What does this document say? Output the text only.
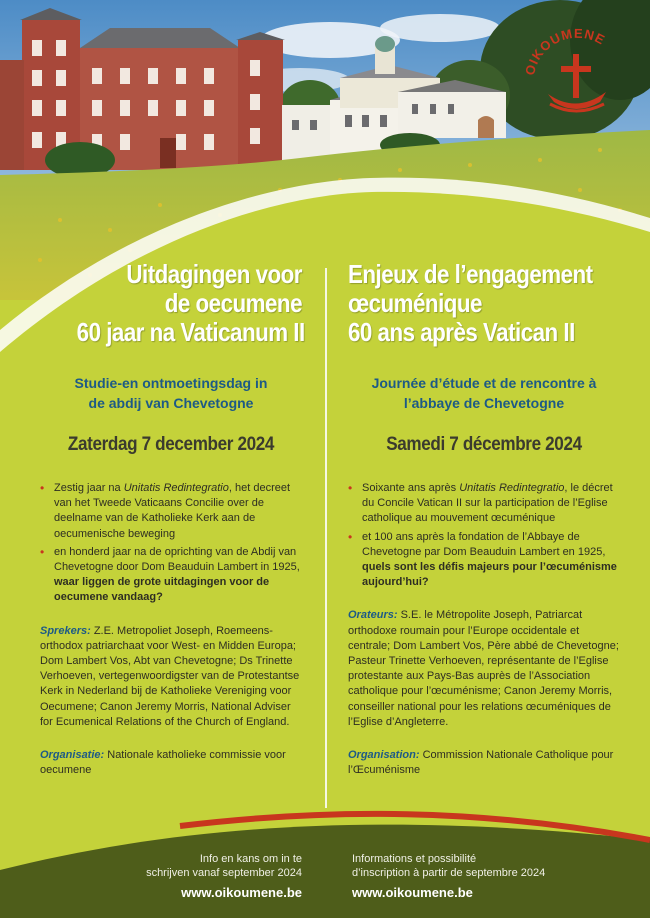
OIKOUMENE
Uitdagingen voor
de oecumene
60 jaar na Vaticanum II
Studie-en ontmoetingsdag in
de abdij van Chevetogne
Zaterdag 7 december 2024
• Zestig jaar na Unitatis Redintegratio, het decreet van het Tweede Vaticaans Concilie over de deelname van de Katholieke Kerk aan de oecumenische beweging
• en honderd jaar na de oprichting van de Abdij van Chevetogne door Dom Beauduin Lambert in 1925, waar liggen de grote uitdagingen voor de oecumene vandaag?
Sprekers: Z.E. Metropoliet Joseph, Roemeens-orthodox patriarchaat voor West- en Midden Europa; Dom Lambert Vos, Abt van Chevetogne; Ds Trinette Verhoeven, vertegenwoordigster van de Protestantse Kerk in Nederland bij de Katholieke Vereniging voor Oecumene; Canon Jeremy Morris, National Adviser for Ecumenical Relations of the Church of England.
Organisatie: Nationale katholieke commissie voor oecumene
Enjeux de l’engagement
œcuménique
60 ans après Vatican II
Journée d’étude et de rencontre à
l’abbaye de Chevetogne
Samedi 7 décembre 2024
• Soixante ans après Unitatis Redintegratio, le décret du Concile Vatican II sur la participation de l’Eglise catholique au mouvement œcuménique
• et 100 ans après la fondation de l’Abbaye de Chevetogne par Dom Beauduin Lambert en 1925, quels sont les défis majeurs pour l’œcuménisme aujourd’hui?
Orateurs: S.E. le Métropolite Joseph, Patriarcat orthodoxe roumain pour l’Europe occidentale et centrale; Dom Lambert Vos, Père abbé de Chevetogne; Pasteur Trinette Verhoeven, représentante de l’Eglise protestante aux Pays-Bas auprès de l’Association catholique pour l’œcuménisme; Canon Jeremy Morris, conseiller national pour les relations œcuméniques de l’Eglise d’Angleterre.
Organisation: Commission Nationale Catholique pour l’Œcuménisme
Info en kans om in te
schrijven vanaf september 2024
www.oikoumene.be
Informations et possibilité
d’inscription à partir de septembre 2024
www.oikoumene.be
